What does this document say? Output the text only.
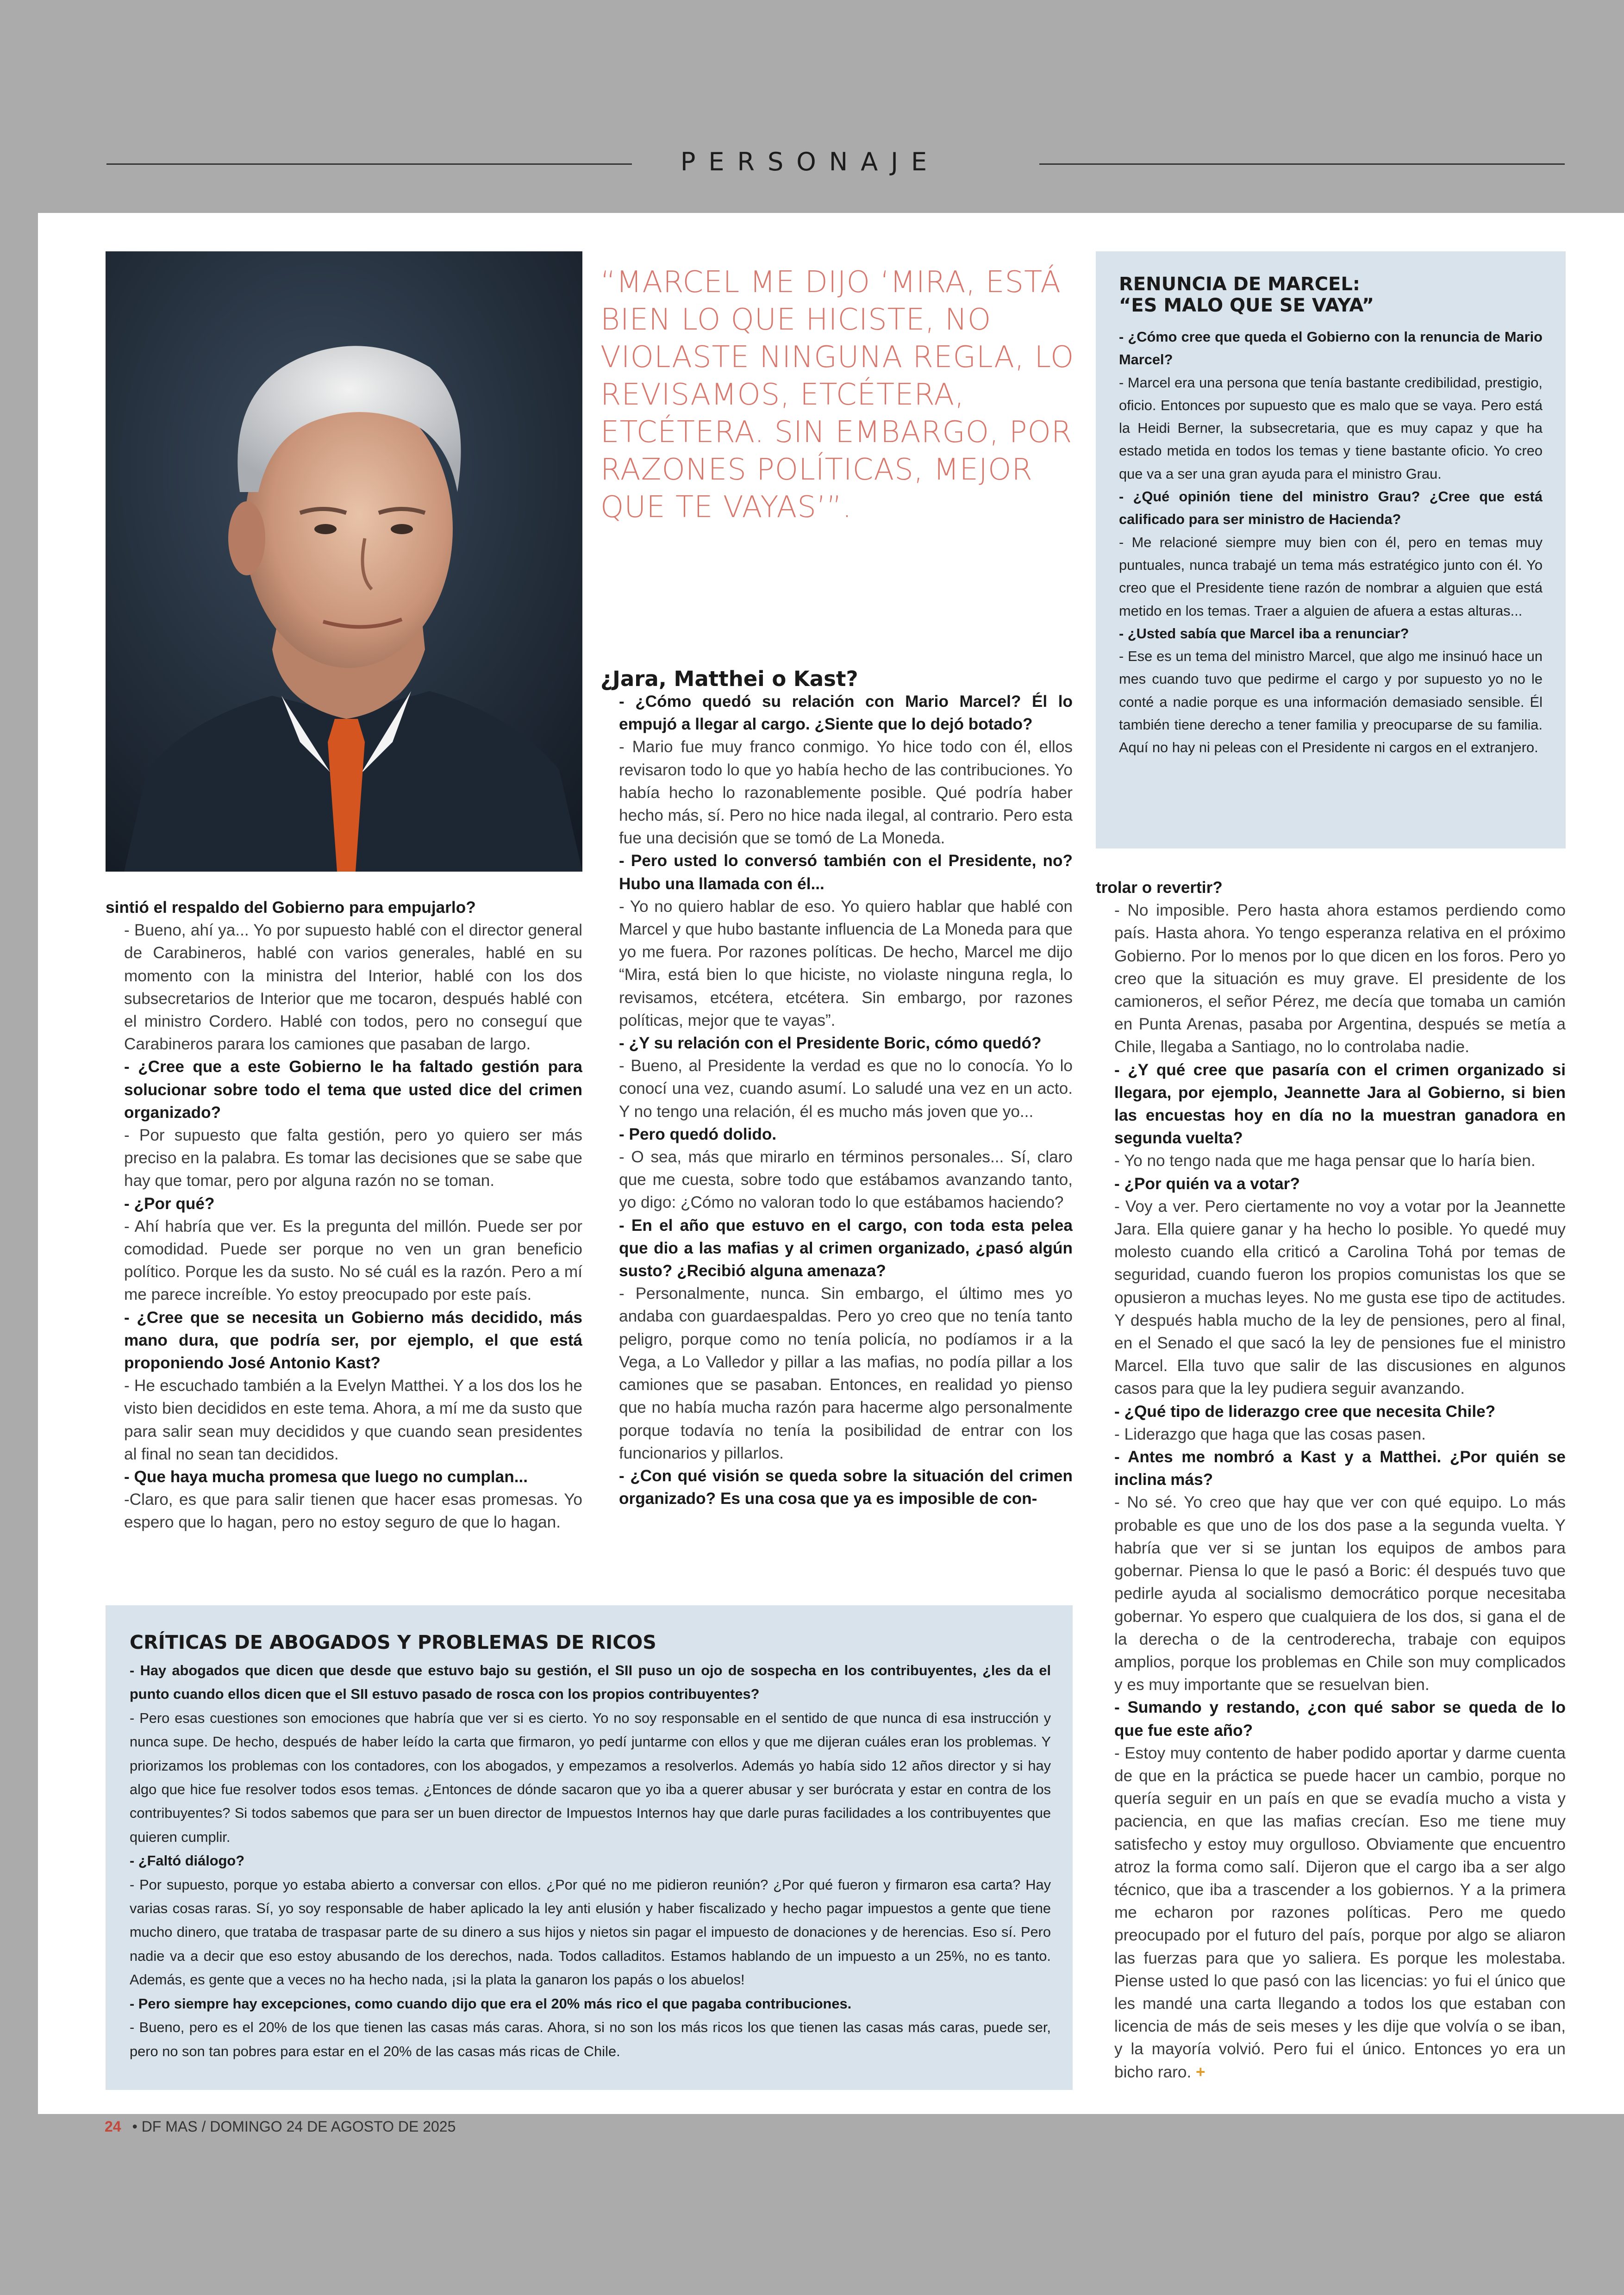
PERSONAJE
“MARCEL ME DIJO ‘MIRA, ESTÁ BIEN LO QUE HICISTE, NO VIOLASTE NINGUNA REGLA, LO REVISAMOS, ETCÉTERA, ETCÉTERA. SIN EMBARGO, POR RAZONES POLÍTICAS, MEJOR QUE TE VAYAS’”.
¿Jara, Matthei o Kast?

sintió el respaldo del Gobierno para empujarlo?

- Bueno, ahí ya... Yo por supuesto hablé con el director general de Carabineros, hablé con varios generales, hablé en su momento con la ministra del Interior, hablé con los dos subsecretarios de Interior que me tocaron, después hablé con el ministro Cordero. Hablé con todos, pero no conseguí que Carabineros parara los camiones que pasaban de largo.

- ¿Cree que a este Gobierno le ha faltado gestión para solucionar sobre todo el tema que usted dice del crimen organizado?

- Por supuesto que falta gestión, pero yo quiero ser más preciso en la palabra. Es tomar las decisiones que se sabe que hay que tomar, pero por alguna razón no se toman.

- ¿Por qué?

- Ahí habría que ver. Es la pregunta del millón. Puede ser por comodidad. Puede ser porque no ven un gran beneficio político. Porque les da susto. No sé cuál es la razón. Pero a mí me parece increíble. Yo estoy preocupado por este país.

- ¿Cree que se necesita un Gobierno más decidido, más mano dura, que podría ser, por ejemplo, el que está proponiendo José Antonio Kast?

- He escuchado también a la Evelyn Matthei. Y a los dos los he visto bien decididos en este tema. Ahora, a mí me da susto que para salir sean muy decididos y que cuando sean presidentes al final no sean tan decididos.

- Que haya mucha promesa que luego no cumplan...

-Claro, es que para salir tienen que hacer esas promesas. Yo espero que lo hagan, pero no estoy seguro de que lo hagan.

- ¿Cómo quedó su relación con Mario Marcel? Él lo empujó a llegar al cargo. ¿Siente que lo dejó botado?

- Mario fue muy franco conmigo. Yo hice todo con él, ellos revisaron todo lo que yo había hecho de las contribuciones. Yo había hecho lo razonablemente posible. Qué podría haber hecho más, sí. Pero no hice nada ilegal, al contrario. Pero esta fue una decisión que se tomó de La Moneda.

- Pero usted lo conversó también con el Presidente, no? Hubo una llamada con él...

- Yo no quiero hablar de eso. Yo quiero hablar que hablé con Marcel y que hubo bastante influencia de La Moneda para que yo me fuera. Por razones políticas. De hecho, Marcel me dijo “Mira, está bien lo que hiciste, no violaste ninguna regla, lo revisamos, etcétera, etcétera. Sin embargo, por razones políticas, mejor que te vayas”.

- ¿Y su relación con el Presidente Boric, cómo quedó?

- Bueno, al Presidente la verdad es que no lo conocía. Yo lo conocí una vez, cuando asumí. Lo saludé una vez en un acto. Y no tengo una relación, él es mucho más joven que yo...

- Pero quedó dolido.

- O sea, más que mirarlo en términos personales... Sí, claro que me cuesta, sobre todo que estábamos avanzando tanto, yo digo: ¿Cómo no valoran todo lo que estábamos haciendo?

- En el año que estuvo en el cargo, con toda esta pelea que dio a las mafias y al crimen organizado, ¿pasó algún susto? ¿Recibió alguna amenaza?

- Personalmente, nunca. Sin embargo, el último mes yo andaba con guardaespaldas. Pero yo creo que no tenía tanto peligro, porque como no tenía policía, no podíamos ir a la Vega, a Lo Valledor y pillar a las mafias, no podía pillar a los camiones que se pasaban. Entonces, en realidad yo pienso que no había mucha razón para hacerme algo personalmente porque todavía no tenía la posibilidad de entrar con los funcionarios y pillarlos.

- ¿Con qué visión se queda sobre la situación del crimen organizado? Es una cosa que ya es imposible de con-

trolar o revertir?

- No imposible. Pero hasta ahora estamos perdiendo como país. Hasta ahora. Yo tengo esperanza relativa en el próximo Gobierno. Por lo menos por lo que dicen en los foros. Pero yo creo que la situación es muy grave. El presidente de los camioneros, el señor Pérez, me decía que tomaba un camión en Punta Arenas, pasaba por Argentina, después se metía a Chile, llegaba a Santiago, no lo controlaba nadie.

- ¿Y qué cree que pasaría con el crimen organizado si llegara, por ejemplo, Jeannette Jara al Gobierno, si bien las encuestas hoy en día no la muestran ganadora en segunda vuelta?

- Yo no tengo nada que me haga pensar que lo haría bien.

- ¿Por quién va a votar?

- Voy a ver. Pero ciertamente no voy a votar por la Jeannette Jara. Ella quiere ganar y ha hecho lo posible. Yo quedé muy molesto cuando ella criticó a Carolina Tohá por temas de seguridad, cuando fueron los propios comunistas los que se opusieron a muchas leyes. No me gusta ese tipo de actitudes. Y después habla mucho de la ley de pensiones, pero al final, en el Senado el que sacó la ley de pensiones fue el ministro Marcel. Ella tuvo que salir de las discusiones en algunos casos para que la ley pudiera seguir avanzando.

- ¿Qué tipo de liderazgo cree que necesita Chile?

- Liderazgo que haga que las cosas pasen.

- Antes me nombró a Kast y a Matthei. ¿Por quién se inclina más?

- No sé. Yo creo que hay que ver con qué equipo. Lo más probable es que uno de los dos pase a la segunda vuelta. Y habría que ver si se juntan los equipos de ambos para gobernar. Piensa lo que le pasó a Boric: él después tuvo que pedirle ayuda al socialismo democrático porque necesitaba gobernar. Yo espero que cualquiera de los dos, si gana el de la derecha o de la centroderecha, trabaje con equipos amplios, porque los problemas en Chile son muy complicados y es muy importante que se resuelvan bien.

- Sumando y restando, ¿con qué sabor se queda de lo que fue este año?

- Estoy muy contento de haber podido aportar y darme cuenta de que en la práctica se puede hacer un cambio, porque no quería seguir en un país en que se evadía mucho a vista y paciencia, en que las mafias crecían. Eso me tiene muy satisfecho y estoy muy orgulloso. Obviamente que encuentro atroz la forma como salí. Dijeron que el cargo iba a ser algo técnico, que iba a trascender a los gobiernos. Y a la primera me echaron por razones políticas. Pero me quedo preocupado por el futuro del país, porque por algo se aliaron las fuerzas para que yo saliera. Es porque les molestaba. Piense usted lo que pasó con las licencias: yo fui el único que les mandé una carta llegando a todos los que estaban con licencia de más de seis meses y les dije que volvía o se iban, y la mayoría volvió. Pero fui el único. Entonces yo era un bicho raro. +

RENUNCIA DE MARCEL:
“ES MALO QUE SE VAYA”

- ¿Cómo cree que queda el Gobierno con la renuncia de Mario Marcel?

- Marcel era una persona que tenía bastante credibilidad, prestigio, oficio. Entonces por supuesto que es malo que se vaya. Pero está la Heidi Berner, la subsecretaria, que es muy capaz y que ha estado metida en todos los temas y tiene bastante oficio. Yo creo que va a ser una gran ayuda para el ministro Grau.

- ¿Qué opinión tiene del ministro Grau? ¿Cree que está calificado para ser ministro de Hacienda?

- Me relacioné siempre muy bien con él, pero en temas muy puntuales, nunca trabajé un tema más estratégico junto con él. Yo creo que el Presidente tiene razón de nombrar a alguien que está metido en los temas. Traer a alguien de afuera a estas alturas...

- ¿Usted sabía que Marcel iba a renunciar?

- Ese es un tema del ministro Marcel, que algo me insinuó hace un mes cuando tuvo que pedirme el cargo y por supuesto yo no le conté a nadie porque es una información demasiado sensible. Él también tiene derecho a tener familia y preocuparse de su familia. Aquí no hay ni peleas con el Presidente ni cargos en el extranjero.

CRÍTICAS DE ABOGADOS Y PROBLEMAS DE RICOS

- Hay abogados que dicen que desde que estuvo bajo su gestión, el SII puso un ojo de sospecha en los contribuyentes, ¿les da el punto cuando ellos dicen que el SII estuvo pasado de rosca con los propios contribuyentes?

- Pero esas cuestiones son emociones que habría que ver si es cierto. Yo no soy responsable en el sentido de que nunca di esa instrucción y nunca supe. De hecho, después de haber leído la carta que firmaron, yo pedí juntarme con ellos y que me dijeran cuáles eran los problemas. Y priorizamos los problemas con los contadores, con los abogados, y empezamos a resolverlos. Además yo había sido 12 años director y si hay algo que hice fue resolver todos esos temas. ¿Entonces de dónde sacaron que yo iba a querer abusar y ser burócrata y estar en contra de los contribuyentes? Si todos sabemos que para ser un buen director de Impuestos Internos hay que darle puras facilidades a los contribuyentes que quieren cumplir.

- ¿Faltó diálogo?

- Por supuesto, porque yo estaba abierto a conversar con ellos. ¿Por qué no me pidieron reunión? ¿Por qué fueron y firmaron esa carta? Hay varias cosas raras. Sí, yo soy responsable de haber aplicado la ley anti elusión y haber fiscalizado y hecho pagar impuestos a gente que tiene mucho dinero, que trataba de traspasar parte de su dinero a sus hijos y nietos sin pagar el impuesto de donaciones y de herencias. Eso sí. Pero nadie va a decir que eso estoy abusando de los derechos, nada. Todos calladitos. Estamos hablando de un impuesto a un 25%, no es tanto. Además, es gente que a veces no ha hecho nada, ¡si la plata la ganaron los papás o los abuelos!

- Pero siempre hay excepciones, como cuando dijo que era el 20% más rico el que pagaba contribuciones.

- Bueno, pero es el 20% de los que tienen las casas más caras. Ahora, si no son los más ricos los que tienen las casas más caras, puede ser, pero no son tan pobres para estar en el 20% de las casas más ricas de Chile.

24 • DF MAS / DOMINGO 24 DE AGOSTO DE 2025
